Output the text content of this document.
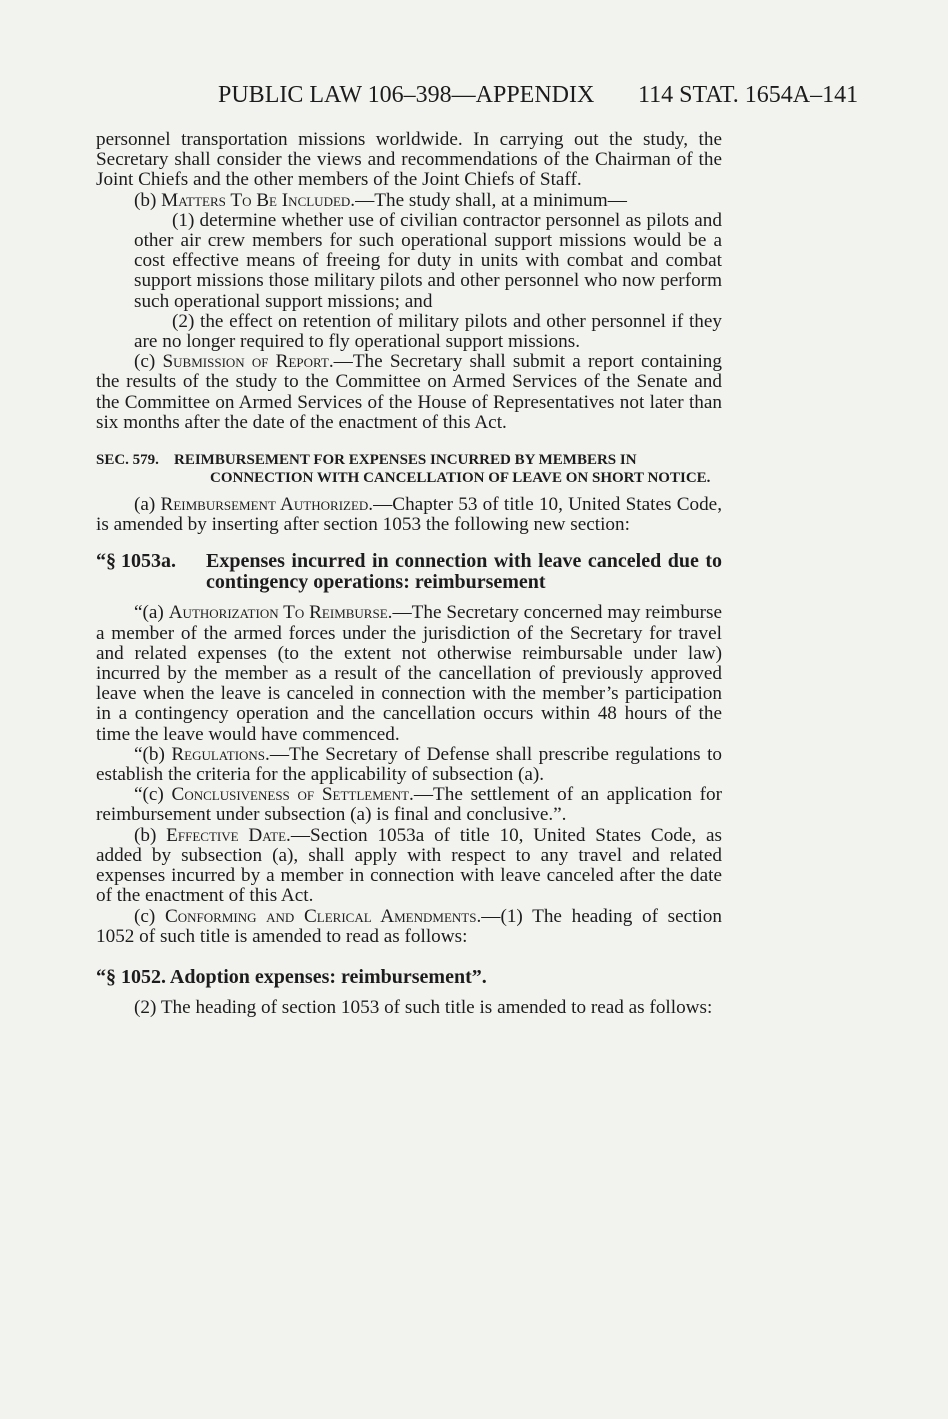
PUBLIC LAW 106–398—APPENDIX 114 STAT. 1654A–141

personnel transportation missions worldwide. In carrying out the study, the Secretary shall consider the views and recommendations of the Chairman of the Joint Chiefs and the other members of the Joint Chiefs of Staff.

(b) Matters To Be Included.—The study shall, at a minimum—

(1) determine whether use of civilian contractor personnel as pilots and other air crew members for such operational support missions would be a cost effective means of freeing for duty in units with combat and combat support missions those military pilots and other personnel who now perform such operational support missions; and

(2) the effect on retention of military pilots and other personnel if they are no longer required to fly operational support missions.

(c) Submission of Report.—The Secretary shall submit a report containing the results of the study to the Committee on Armed Services of the Senate and the Committee on Armed Services of the House of Representatives not later than six months after the date of the enactment of this Act.

SEC. 579. REIMBURSEMENT FOR EXPENSES INCURRED BY MEMBERS IN CONNECTION WITH CANCELLATION OF LEAVE ON SHORT NOTICE.

(a) Reimbursement Authorized.—Chapter 53 of title 10, United States Code, is amended by inserting after section 1053 the following new section:

“§ 1053a. Expenses incurred in connection with leave canceled due to contingency operations: reimbursement

“(a) Authorization To Reimburse.—The Secretary concerned may reimburse a member of the armed forces under the jurisdiction of the Secretary for travel and related expenses (to the extent not otherwise reimbursable under law) incurred by the member as a result of the cancellation of previously approved leave when the leave is canceled in connection with the member’s participation in a contingency operation and the cancellation occurs within 48 hours of the time the leave would have commenced.

“(b) Regulations.—The Secretary of Defense shall prescribe regulations to establish the criteria for the applicability of subsection (a).

“(c) Conclusiveness of Settlement.—The settlement of an application for reimbursement under subsection (a) is final and conclusive.”.

(b) Effective Date.—Section 1053a of title 10, United States Code, as added by subsection (a), shall apply with respect to any travel and related expenses incurred by a member in connection with leave canceled after the date of the enactment of this Act.

(c) Conforming and Clerical Amendments.—(1) The heading of section 1052 of such title is amended to read as follows:

“§ 1052. Adoption expenses: reimbursement”.

(2) The heading of section 1053 of such title is amended to read as follows:
